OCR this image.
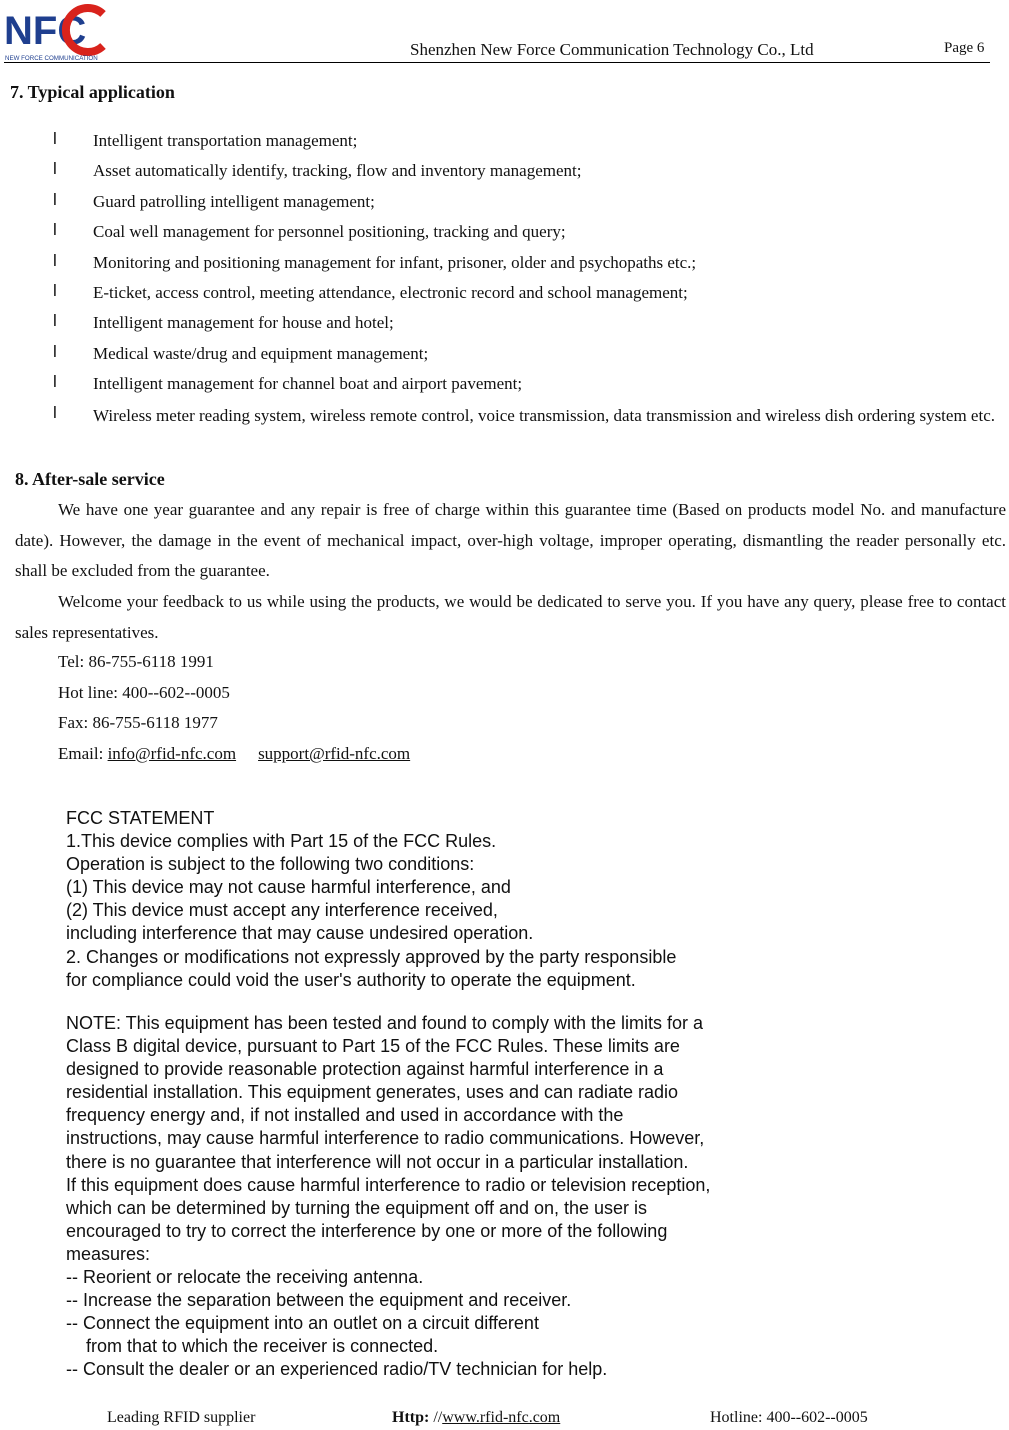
NFC
NEW FORCE COMMUNICATION	Shenzhen New Force Communication Technology Co., Ltd	Page 6
7. Typical application
l Intelligent transportation management;
l Asset automatically identify, tracking, flow and inventory management;
l Guard patrolling intelligent management;
l Coal well management for personnel positioning, tracking and query;
l Monitoring and positioning management for infant, prisoner, older and psychopaths etc.;
l E-ticket, access control, meeting attendance, electronic record and school management;
l Intelligent management for house and hotel;
l Medical waste/drug and equipment management;
l Intelligent management for channel boat and airport pavement;
l Wireless meter reading system, wireless remote control, voice transmission, data transmission and wireless dish ordering system etc.
8. After-sale service
We have one year guarantee and any repair is free of charge within this guarantee time (Based on products model No. and manufacture date). However, the damage in the event of mechanical impact, over-high voltage, improper operating, dismantling the reader personally etc. shall be excluded from the guarantee.
Welcome your feedback to us while using the products, we would be dedicated to serve you. If you have any query, please free to contact sales representatives.
Tel: 86-755-6118 1991
Hot line: 400--602--0005
Fax: 86-755-6118 1977
Email: info@rfid-nfc.com support@rfid-nfc.com
FCC STATEMENT
1.This device complies with Part 15 of the FCC Rules.
Operation is subject to the following two conditions:
(1) This device may not cause harmful interference, and
(2) This device must accept any interference received,
including interference that may cause undesired operation.
2. Changes or modifications not expressly approved by the party responsible
for compliance could void the user's authority to operate the equipment.
NOTE: This equipment has been tested and found to comply with the limits for a
Class B digital device, pursuant to Part 15 of the FCC Rules. These limits are
designed to provide reasonable protection against harmful interference in a
residential installation. This equipment generates, uses and can radiate radio
frequency energy and, if not installed and used in accordance with the
instructions, may cause harmful interference to radio communications. However,
there is no guarantee that interference will not occur in a particular installation.
If this equipment does cause harmful interference to radio or television reception,
which can be determined by turning the equipment off and on, the user is
encouraged to try to correct the interference by one or more of the following
measures:
-- Reorient or relocate the receiving antenna.
-- Increase the separation between the equipment and receiver.
-- Connect the equipment into an outlet on a circuit different
from that to which the receiver is connected.
-- Consult the dealer or an experienced radio/TV technician for help.
Leading RFID supplier	Http: //www.rfid-nfc.com	Hotline: 400--602--0005
